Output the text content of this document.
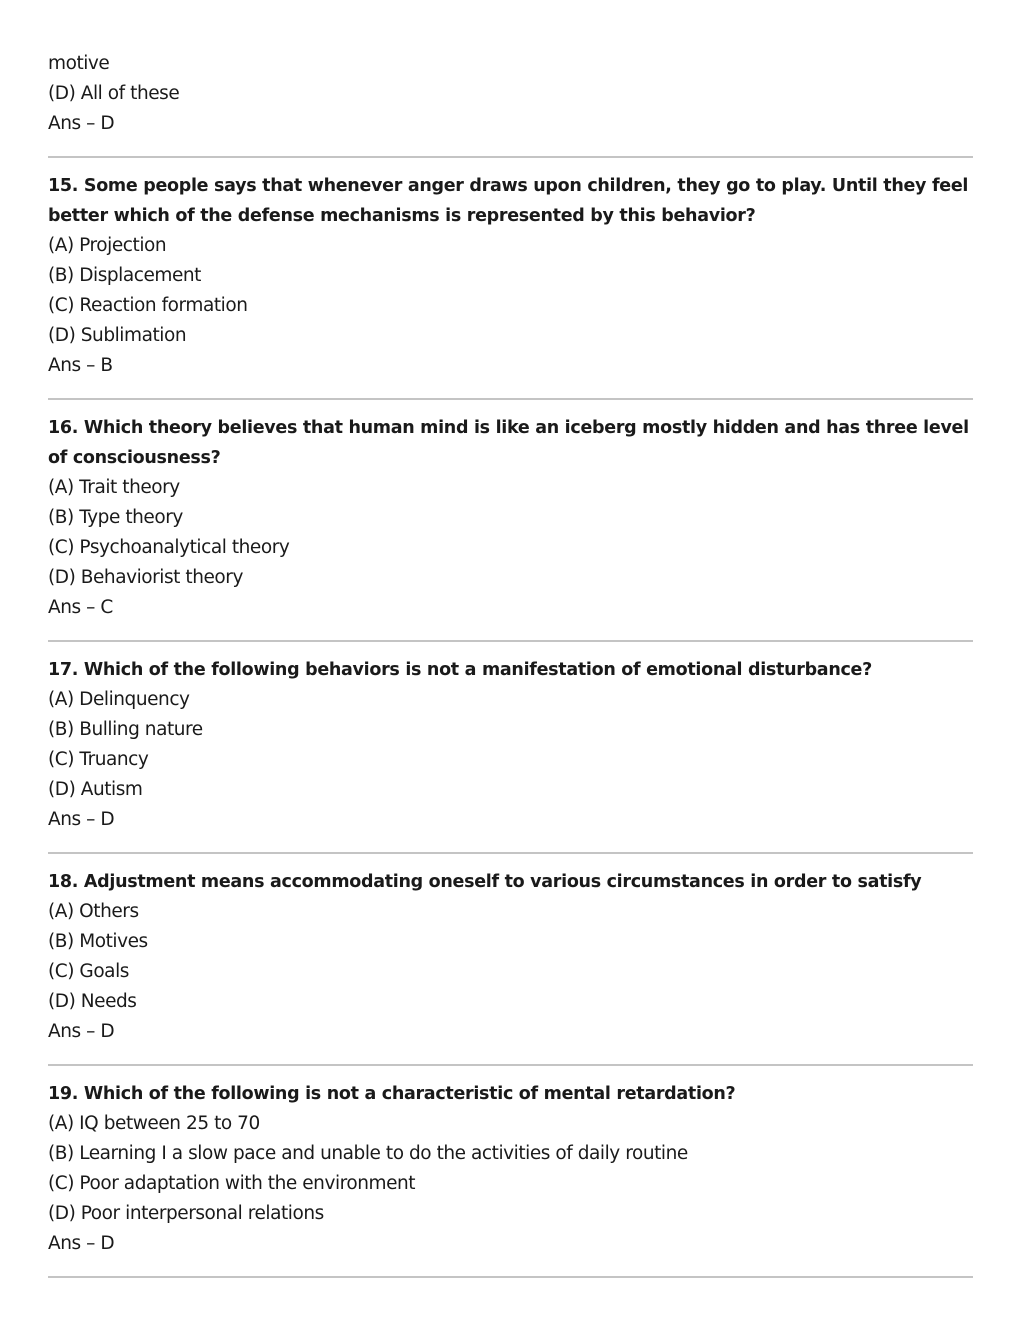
motive
(D) All of these
Ans – D
15. Some people says that whenever anger draws upon children, they go to play. Until they feel better which of the defense mechanisms is represented by this behavior?
(A) Projection
(B) Displacement
(C) Reaction formation
(D) Sublimation
Ans – B
16. Which theory believes that human mind is like an iceberg mostly hidden and has three level of consciousness?
(A) Trait theory
(B) Type theory
(C) Psychoanalytical theory
(D) Behaviorist theory
Ans – C
17. Which of the following behaviors is not a manifestation of emotional disturbance?
(A) Delinquency
(B) Bulling nature
(C) Truancy
(D) Autism
Ans – D
18. Adjustment means accommodating oneself to various circumstances in order to satisfy
(A) Others
(B) Motives
(C) Goals
(D) Needs
Ans – D
19. Which of the following is not a characteristic of mental retardation?
(A) IQ between 25 to 70
(B) Learning I a slow pace and unable to do the activities of daily routine
(C) Poor adaptation with the environment
(D) Poor interpersonal relations
Ans – D
